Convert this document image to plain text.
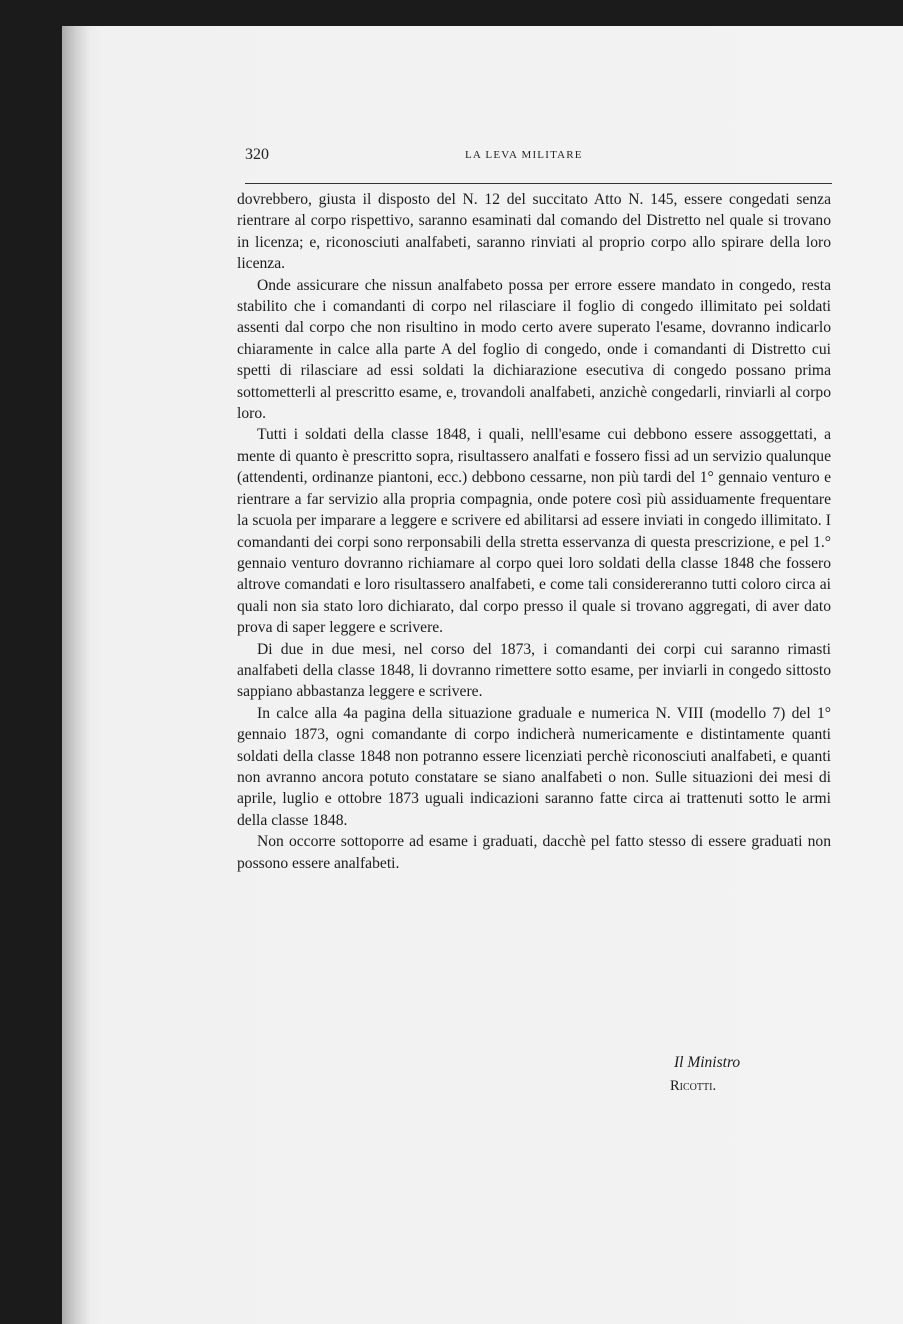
320	LA LEVA MILITARE

dovrebbero, giusta il disposto del N. 12 del succitato Atto N. 145, essere congedati senza rientrare al corpo rispettivo, saranno esaminati dal comando del Distretto nel quale si trovano in licenza; e, riconosciuti analfabeti, saranno rinviati al proprio corpo allo spirare della loro licenza.

Onde assicurare che nissun analfabeto possa per errore essere mandato in congedo, resta stabilito che i comandanti di corpo nel rilasciare il foglio di congedo illimitato pei soldati assenti dal corpo che non risultino in modo certo avere superato l'esame, dovranno indicarlo chiaramente in calce alla parte A del foglio di congedo, onde i comandanti di Distretto cui spetti di rilasciare ad essi soldati la dichiarazione esecutiva di congedo possano prima sottometterli al prescritto esame, e, trovandoli analfabeti, anzichè congedarli, rinviarli al corpo loro.

Tutti i soldati della classe 1848, i quali, nelll'esame cui debbono essere assoggettati, a mente di quanto è prescritto sopra, risultassero analfati e fossero fissi ad un servizio qualunque (attendenti, ordinanze piantoni, ecc.) debbono cessarne, non più tardi del 1° gennaio venturo e rientrare a far servizio alla propria compagnia, onde potere così più assiduamente frequentare la scuola per imparare a leggere e scrivere ed abilitarsi ad essere inviati in congedo illimitato. I comandanti dei corpi sono rerponsabili della stretta esservanza di questa prescrizione, e pel 1.° gennaio venturo dovranno richiamare al corpo quei loro soldati della classe 1848 che fossero altrove comandati e loro risultassero analfabeti, e come tali considereranno tutti coloro circa ai quali non sia stato loro dichiarato, dal corpo presso il quale si trovano aggregati, di aver dato prova di saper leggere e scrivere.

Di due in due mesi, nel corso del 1873, i comandanti dei corpi cui saranno rimasti analfabeti della classe 1848, li dovranno rimettere sotto esame, per inviarli in congedo sittosto sappiano abbastanza leggere e scrivere.

In calce alla 4a pagina della situazione graduale e numerica N. VIII (modello 7) del 1° gennaio 1873, ogni comandante di corpo indicherà numericamente e distintamente quanti soldati della classe 1848 non potranno essere licenziati perchè riconosciuti analfabeti, e quanti non avranno ancora potuto constatare se siano analfabeti o non. Sulle situazioni dei mesi di aprile, luglio e ottobre 1873 uguali indicazioni saranno fatte circa ai trattenuti sotto le armi della classe 1848.

Non occorre sottoporre ad esame i graduati, dacchè pel fatto stesso di essere graduati non possono essere analfabeti.

Il Ministro
Ricotti.
